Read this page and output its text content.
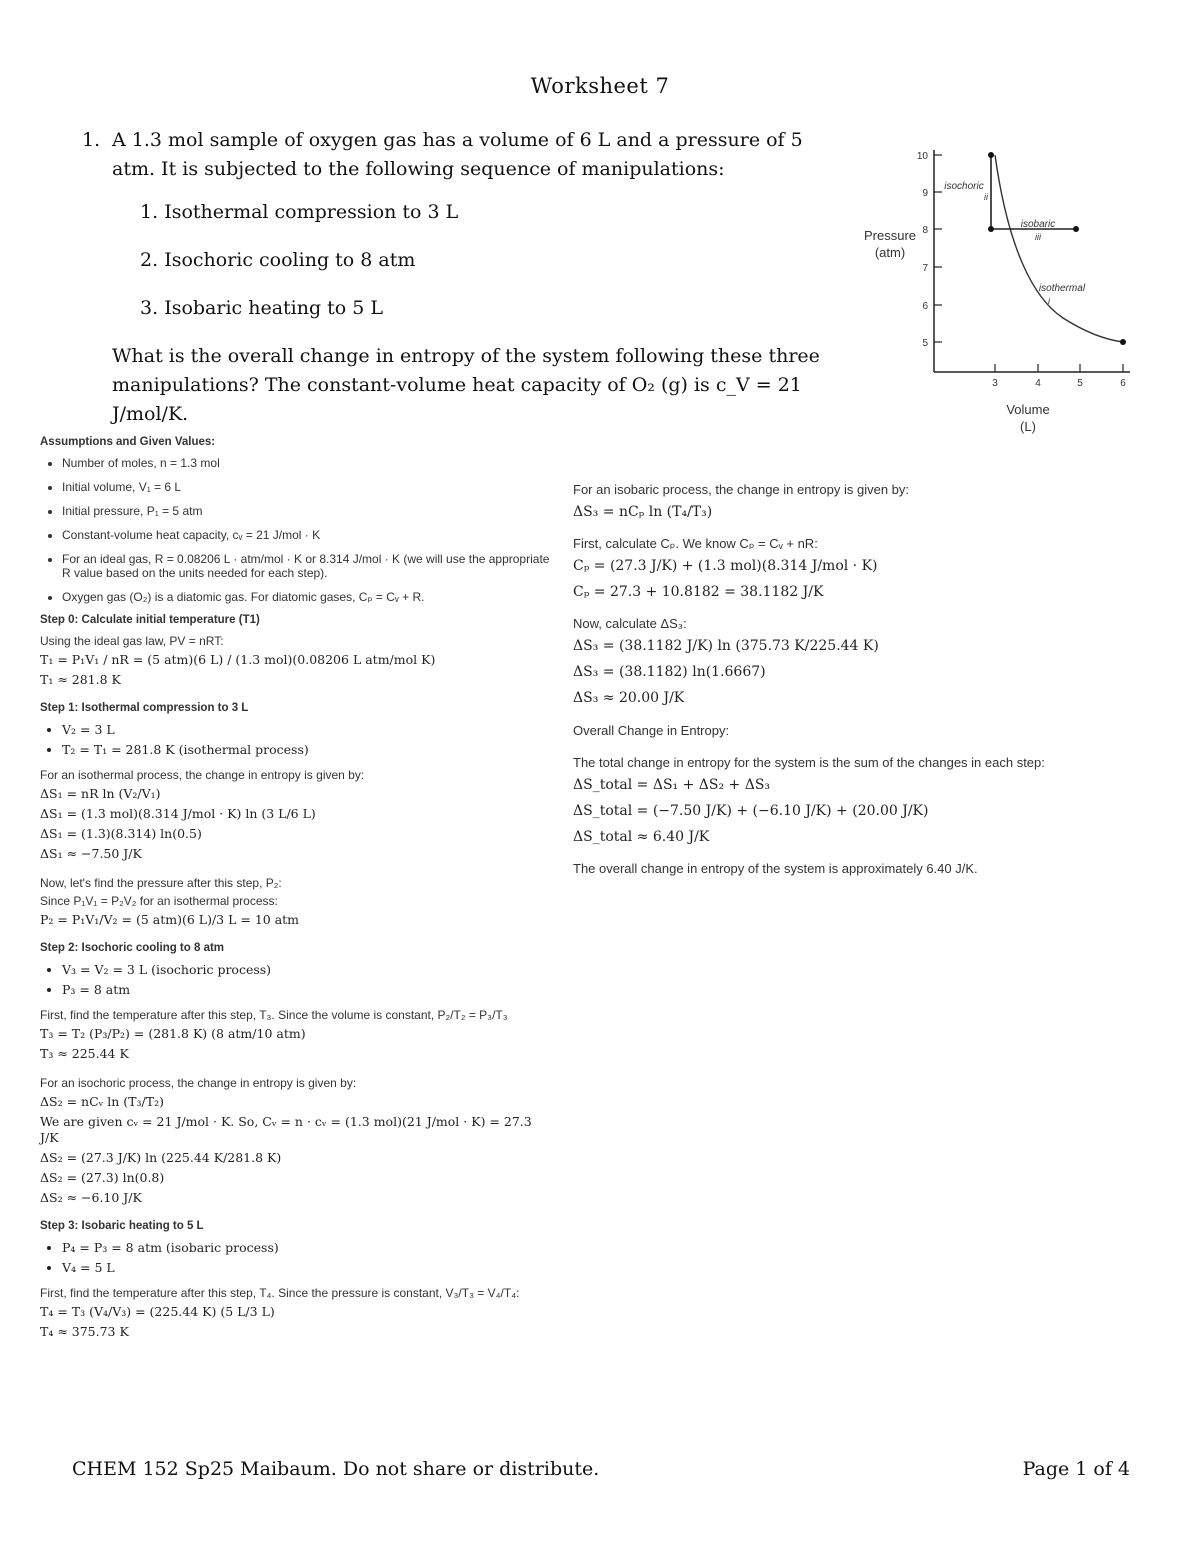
Worksheet 7
1. A 1.3 mol sample of oxygen gas has a volume of 6 L and a pressure of 5 atm. It is subjected to the following sequence of manipulations:
1. Isothermal compression to 3 L
2. Isochoric cooling to 8 atm
3. Isobaric heating to 5 L
What is the overall change in entropy of the system following these three manipulations? The constant-volume heat capacity of O₂ (g) is c_V = 21 J/mol/K.
10
9
8
7
6
5
3	4	5	6
Pressure
(atm)
Volume
(L)
isochoric
ii
isobaric
iii
isothermal
i
Assumptions and Given Values:
• Number of moles, n = 1.3 mol
• Initial volume, V₁ = 6 L
• Initial pressure, P₁ = 5 atm
• Constant-volume heat capacity, cᵥ = 21 J/mol · K
• For an ideal gas, R = 0.08206 L · atm/mol · K or 8.314 J/mol · K (we will use the appropriate R value based on the units needed for each step).
• Oxygen gas (O₂) is a diatomic gas. For diatomic gases, Cₚ = Cᵥ + R.
Step 0: Calculate initial temperature (T1)
Using the ideal gas law, PV = nRT:
T₁ = P₁V₁ / nR = (5 atm)(6 L) / (1.3 mol)(0.08206 L atm/mol K)
T₁ ≈ 281.8 K
Step 1: Isothermal compression to 3 L
• V₂ = 3 L
• T₂ = T₁ = 281.8 K (isothermal process)
For an isothermal process, the change in entropy is given by:
ΔS₁ = nR ln (V₂/V₁)
ΔS₁ = (1.3 mol)(8.314 J/mol · K) ln (3 L/6 L)
ΔS₁ = (1.3)(8.314) ln(0.5)
ΔS₁ ≈ −7.50 J/K
Now, let's find the pressure after this step, P₂:
Since P₁V₁ = P₂V₂ for an isothermal process:
P₂ = P₁V₁/V₂ = (5 atm)(6 L)/3 L = 10 atm
Step 2: Isochoric cooling to 8 atm
• V₃ = V₂ = 3 L (isochoric process)
• P₃ = 8 atm
First, find the temperature after this step, T₃. Since the volume is constant, P₂/T₂ = P₃/T₃
T₃ = T₂ (P₃/P₂) = (281.8 K) (8 atm/10 atm)
T₃ ≈ 225.44 K
For an isochoric process, the change in entropy is given by:
ΔS₂ = nCᵥ ln (T₃/T₂)
We are given cᵥ = 21 J/mol · K. So, Cᵥ = n · cᵥ = (1.3 mol)(21 J/mol · K) = 27.3 J/K
ΔS₂ = (27.3 J/K) ln (225.44 K/281.8 K)
ΔS₂ = (27.3) ln(0.8)
ΔS₂ ≈ −6.10 J/K
Step 3: Isobaric heating to 5 L
• P₄ = P₃ = 8 atm (isobaric process)
• V₄ = 5 L
First, find the temperature after this step, T₄. Since the pressure is constant, V₃/T₃ = V₄/T₄:
T₄ = T₃ (V₄/V₃) = (225.44 K) (5 L/3 L)
T₄ ≈ 375.73 K
For an isobaric process, the change in entropy is given by:
ΔS₃ = nCₚ ln (T₄/T₃)
First, calculate Cₚ. We know Cₚ = Cᵥ + nR:
Cₚ = (27.3 J/K) + (1.3 mol)(8.314 J/mol · K)
Cₚ = 27.3 + 10.8182 = 38.1182 J/K
Now, calculate ΔS₃:
ΔS₃ = (38.1182 J/K) ln (375.73 K/225.44 K)
ΔS₃ = (38.1182) ln(1.6667)
ΔS₃ ≈ 20.00 J/K
Overall Change in Entropy:
The total change in entropy for the system is the sum of the changes in each step:
ΔS_total = ΔS₁ + ΔS₂ + ΔS₃
ΔS_total = (−7.50 J/K) + (−6.10 J/K) + (20.00 J/K)
ΔS_total ≈ 6.40 J/K
The overall change in entropy of the system is approximately 6.40 J/K.
CHEM 152 Sp25 Maibaum. Do not share or distribute.	Page 1 of 4
